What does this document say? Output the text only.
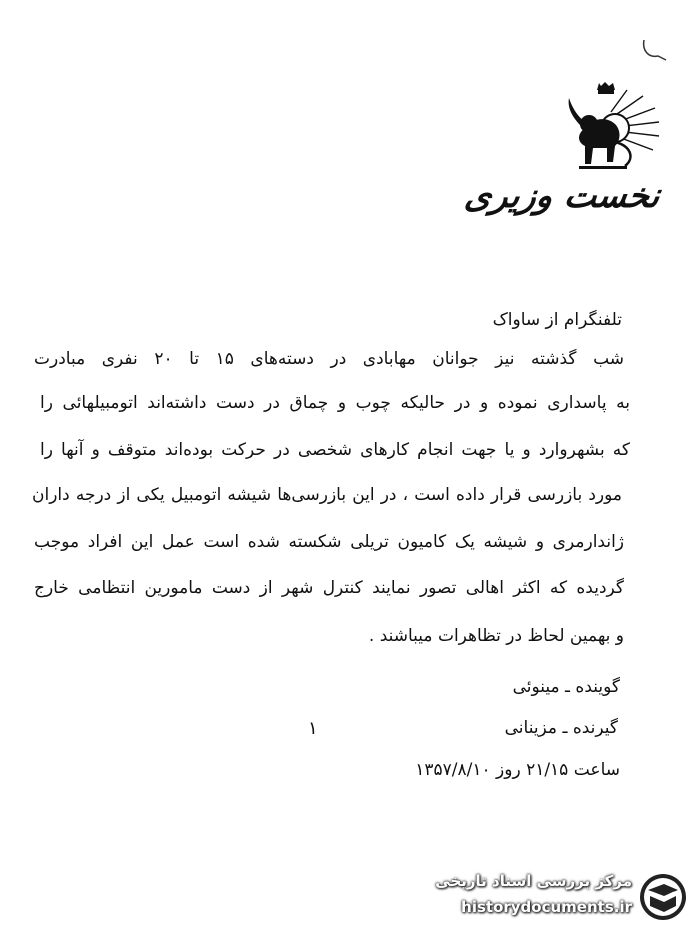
نخست وزیری
تلفنگرام از ساواک
شب گذشته نیز جوانان مهابادی در دسته‌های ۱۵ تا ۲۰ نفری مبادرت
به پاسداری نموده و در حالیکه چوب و چماق در دست داشته‌اند اتومبیلهائی را
که بشهروارد و یا جهت انجام کارهای شخصی در حرکت بوده‌اند متوقف و آنها را
مورد بازرسی قرار داده است ، در این بازرسی‌ها شیشه اتومبیل یکی از درجه داران
ژاندارمری و شیشه یک کامیون تریلی شکسته شده است عمل این افراد موجب
گردیده که اکثر اهالی تصور نمایند کنترل شهر از دست مامورین انتظامی خارج
و بهمین لحاظ در تظاهرات میباشند .
گوینده ـ مینوئی
گیرنده ـ مزینانی
۱
ساعت ۲۱/۱۵ روز ۱۳۵۷/۸/۱۰
مرکز بررسی اسناد تاریخی
historydocuments.ir
